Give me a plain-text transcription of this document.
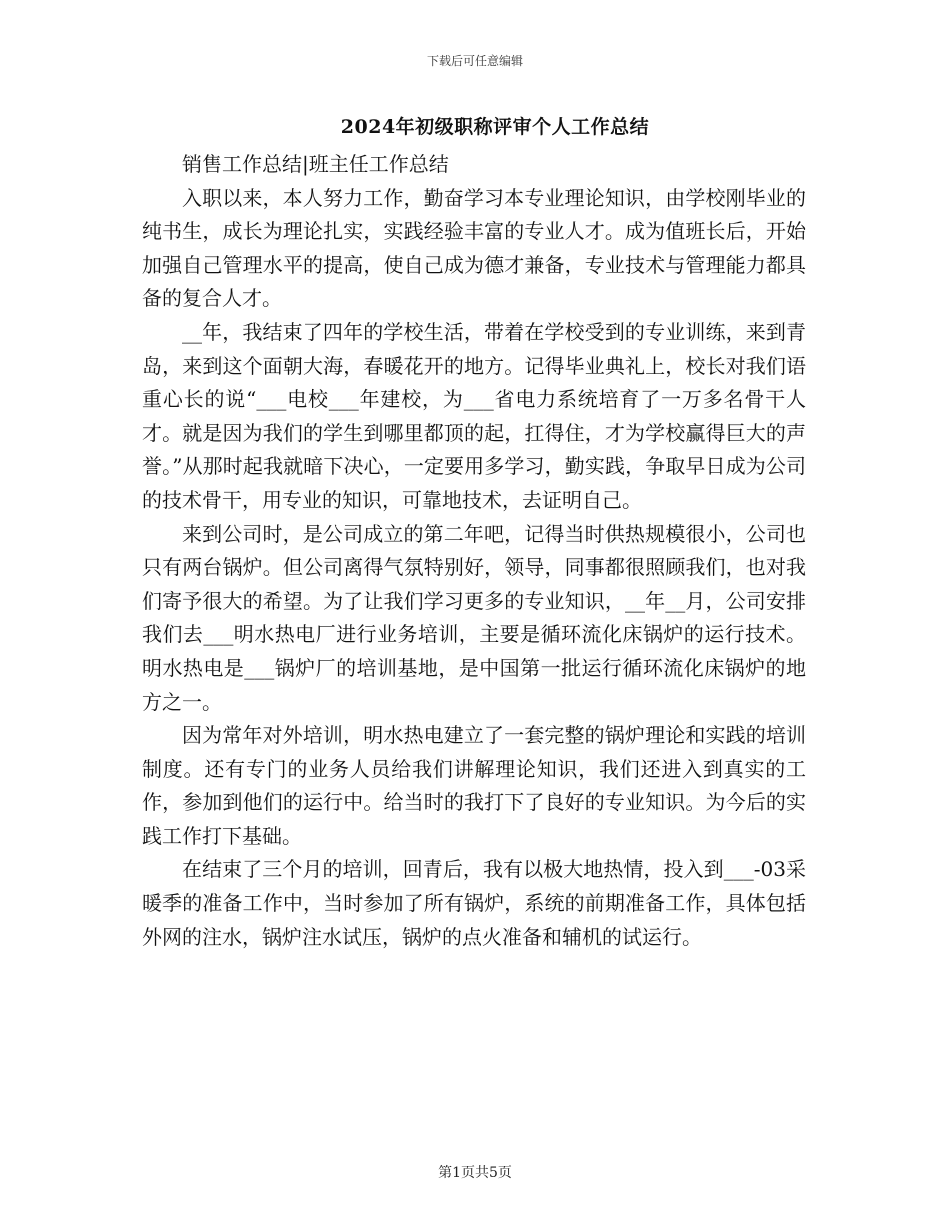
下载后可任意编辑
2024年初级职称评审个人工作总结

销售工作总结|班主任工作总结

入职以来，本人努力工作，勤奋学习本专业理论知识，由学校刚毕业的纯书生，成长为理论扎实，实践经验丰富的专业人才。成为值班长后，开始加强自己管理水平的提高，使自己成为德才兼备，专业技术与管理能力都具备的复合人才。

__年，我结束了四年的学校生活，带着在学校受到的专业训练，来到青岛，来到这个面朝大海，春暖花开的地方。记得毕业典礼上，校长对我们语重心长的说“___电校___年建校，为___省电力系统培育了一万多名骨干人才。就是因为我们的学生到哪里都顶的起，扛得住，才为学校赢得巨大的声誉。”从那时起我就暗下决心，一定要用多学习，勤实践，争取早日成为公司的技术骨干，用专业的知识，可靠地技术，去证明自己。

来到公司时，是公司成立的第二年吧，记得当时供热规模很小，公司也只有两台锅炉。但公司离得气氛特别好，领导，同事都很照顾我们，也对我们寄予很大的希望。为了让我们学习更多的专业知识，__年__月，公司安排我们去___明水热电厂进行业务培训，主要是循环流化床锅炉的运行技术。明水热电是___锅炉厂的培训基地，是中国第一批运行循环流化床锅炉的地方之一。

因为常年对外培训，明水热电建立了一套完整的锅炉理论和实践的培训制度。还有专门的业务人员给我们讲解理论知识，我们还进入到真实的工作，参加到他们的运行中。给当时的我打下了良好的专业知识。为今后的实践工作打下基础。

在结束了三个月的培训，回青后，我有以极大地热情，投入到___-03采暖季的准备工作中，当时参加了所有锅炉，系统的前期准备工作，具体包括外网的注水，锅炉注水试压，锅炉的点火准备和辅机的试运行。

第1页共5页
